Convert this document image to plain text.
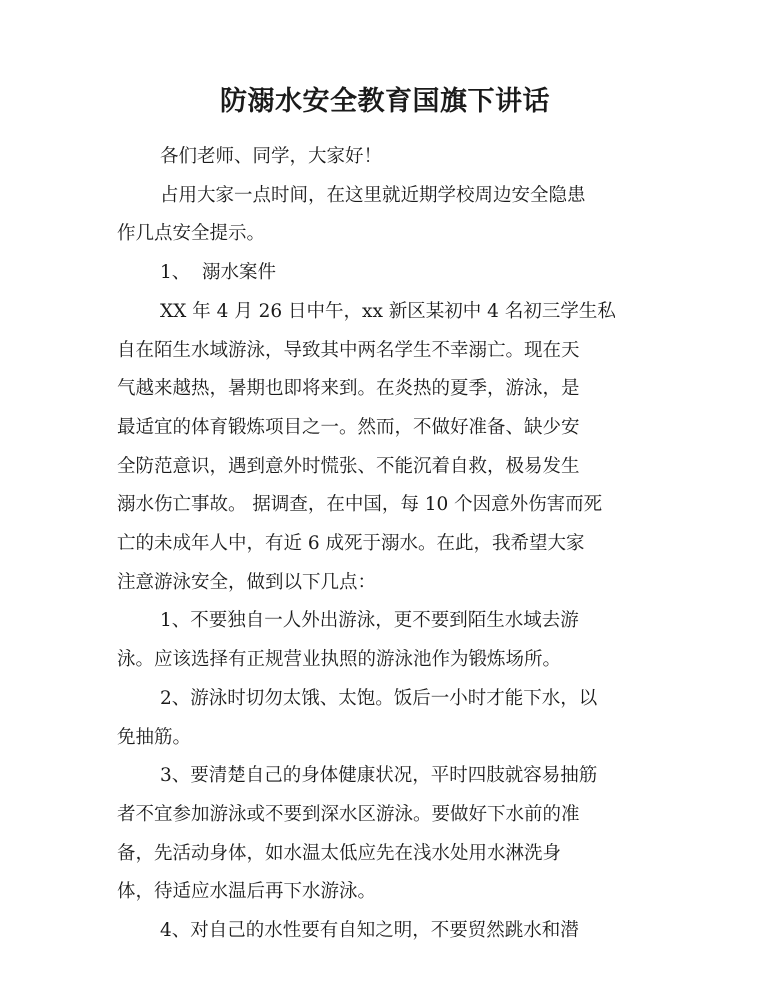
防溺水安全教育国旗下讲话

各们老师、同学，大家好！

占用大家一点时间，在这里就近期学校周边安全隐患

作几点安全提示。

1、  溺水案件

XX 年 4 月 26 日中午，xx 新区某初中 4 名初三学生私

自在陌生水域游泳，导致其中两名学生不幸溺亡。现在天

气越来越热，暑期也即将来到。在炎热的夏季，游泳，是

最适宜的体育锻炼项目之一。然而，不做好准备、缺少安

全防范意识，遇到意外时慌张、不能沉着自救，极易发生

溺水伤亡事故。 据调查，在中国，每 10 个因意外伤害而死

亡的未成年人中，有近 6 成死于溺水。在此，我希望大家

注意游泳安全，做到以下几点：

1、不要独自一人外出游泳，更不要到陌生水域去游

泳。应该选择有正规营业执照的游泳池作为锻炼场所。

2、游泳时切勿太饿、太饱。饭后一小时才能下水，以

免抽筋。

3、要清楚自己的身体健康状况，平时四肢就容易抽筋

者不宜参加游泳或不要到深水区游泳。要做好下水前的准

备，先活动身体，如水温太低应先在浅水处用水淋洗身

体，待适应水温后再下水游泳。

4、对自己的水性要有自知之明，不要贸然跳水和潜
